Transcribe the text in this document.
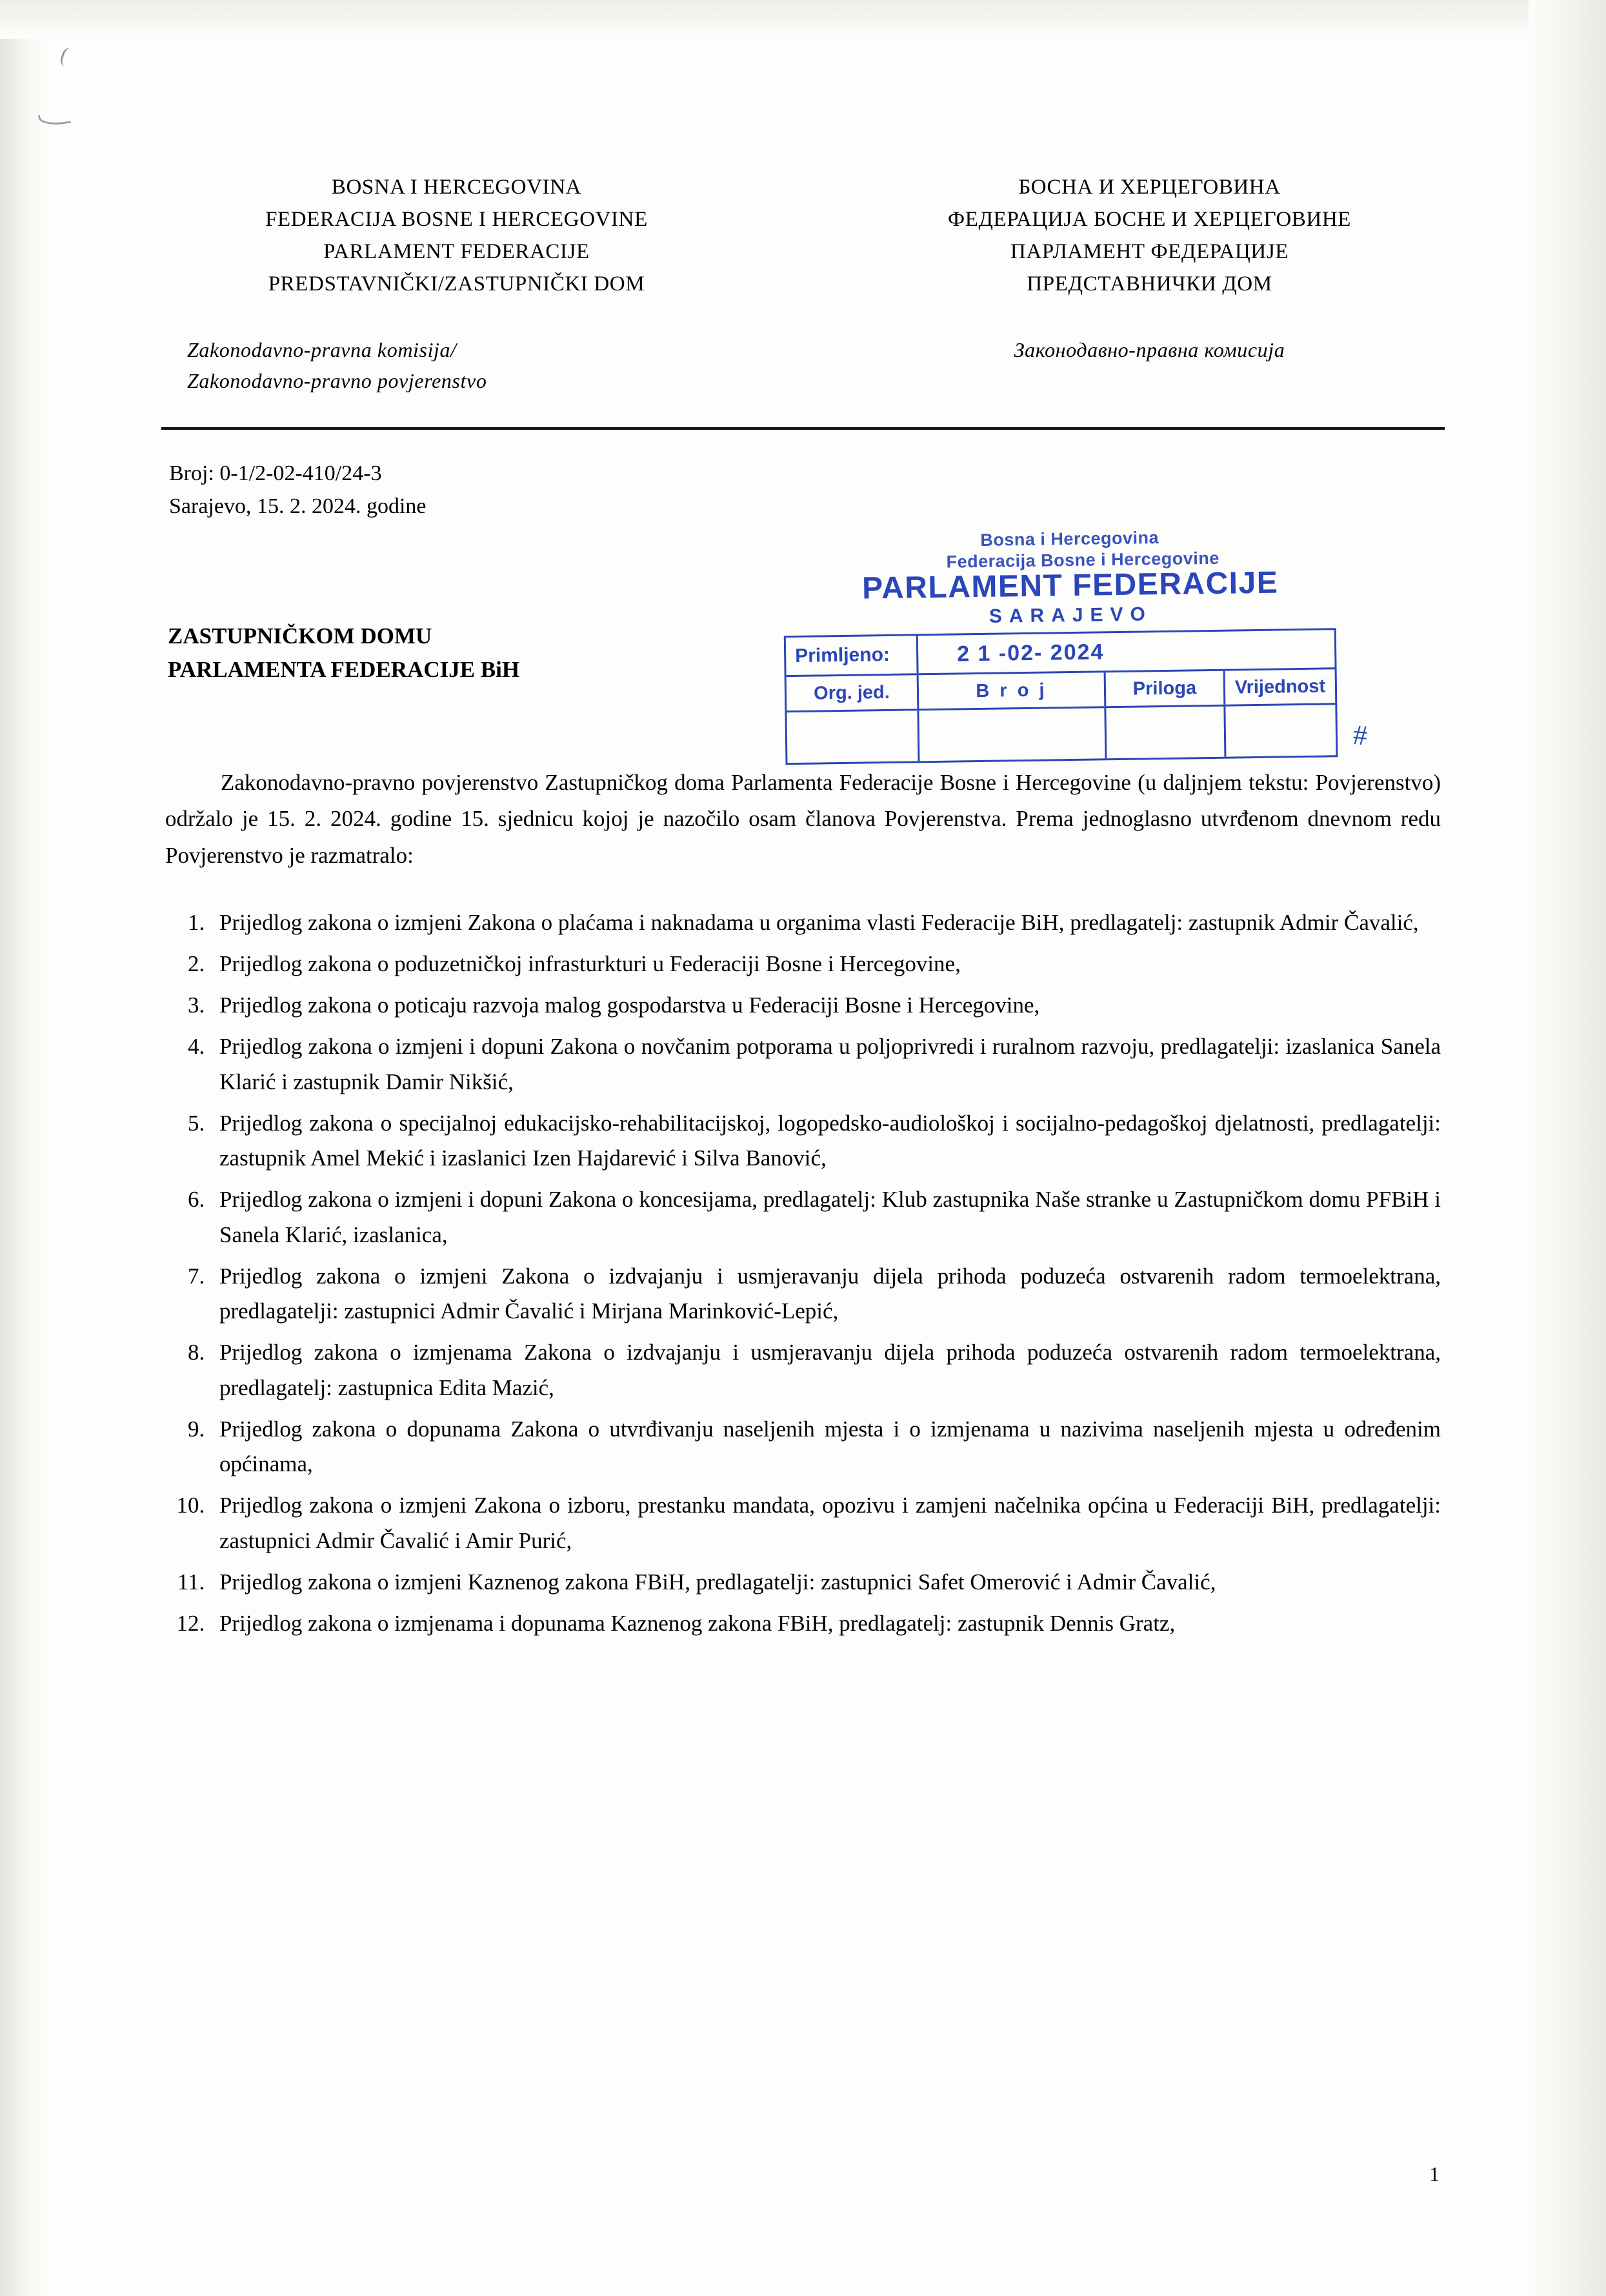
BOSNA I HERCEGOVINA
FEDERACIJA BOSNE I HERCEGOVINE
PARLAMENT FEDERACIJE
PREDSTAVNIČKI/ZASTUPNIČKI DOM
Zakonodavno-pravna komisija/
Zakonodavno-pravno povjerenstvo
БОСНА И ХЕРЦЕГОВИНА
ФЕДЕРАЦИЈА БОСНЕ И ХЕРЦЕГОВИНЕ
ПАРЛАМЕНТ ФЕДЕРАЦИЈЕ
ПРЕДСТАВНИЧКИ ДОМ
Законодавно-правна комисија
Broj: 0-1/2-02-410/24-3
Sarajevo, 15. 2. 2024. godine
ZASTUPNIČKOM DOMU
PARLAMENTA FEDERACIJE BiH

Zakonodavno-pravno povjerenstvo Zastupničkog doma Parlamenta Federacije Bosne i Hercegovine (u daljnjem tekstu: Povjerenstvo) održalo je 15. 2. 2024. godine 15. sjednicu kojoj je nazočilo osam članova Povjerenstva. Prema jednoglasno utvrđenom dnevnom redu Povjerenstvo je razmatralo:

1. Prijedlog zakona o izmjeni Zakona o plaćama i naknadama u organima vlasti Federacije BiH, predlagatelj: zastupnik Admir Čavalić,
2. Prijedlog zakona o poduzetničkoj infrasturkturi u Federaciji Bosne i Hercegovine,
3. Prijedlog zakona o poticaju razvoja malog gospodarstva u Federaciji Bosne i Hercegovine,
4. Prijedlog zakona o izmjeni i dopuni Zakona o novčanim potporama u poljoprivredi i ruralnom razvoju, predlagatelji: izaslanica Sanela Klarić i zastupnik Damir Nikšić,
5. Prijedlog zakona o specijalnoj edukacijsko-rehabilitacijskoj, logopedsko-audiološkoj i socijalno-pedagoškoj djelatnosti, predlagatelji: zastupnik Amel Mekić i izaslanici Izen Hajdarević i Silva Banović,
6. Prijedlog zakona o izmjeni i dopuni Zakona o koncesijama, predlagatelj: Klub zastupnika Naše stranke u Zastupničkom domu PFBiH i Sanela Klarić, izaslanica,
7. Prijedlog zakona o izmjeni Zakona o izdvajanju i usmjeravanju dijela prihoda poduzeća ostvarenih radom termoelektrana, predlagatelji: zastupnici Admir Čavalić i Mirjana Marinković-Lepić,
8. Prijedlog zakona o izmjenama Zakona o izdvajanju i usmjeravanju dijela prihoda poduzeća ostvarenih radom termoelektrana, predlagatelj: zastupnica Edita Mazić,
9. Prijedlog zakona o dopunama Zakona o utvrđivanju naseljenih mjesta i o izmjenama u nazivima naseljenih mjesta u određenim općinama,
10. Prijedlog zakona o izmjeni Zakona o izboru, prestanku mandata, opozivu i zamjeni načelnika općina u Federaciji BiH, predlagatelji: zastupnici Admir Čavalić i Amir Purić,
11. Prijedlog zakona o izmjeni Kaznenog zakona FBiH, predlagatelji: zastupnici Safet Omerović i Admir Čavalić,
12. Prijedlog zakona o izmjenama i dopunama Kaznenog zakona FBiH, predlagatelj: zastupnik Dennis Gratz,
Bosna i Hercegovina
Federacija Bosne i Hercegovine
PARLAMENT FEDERACIJE
SARAJEVO
Primljeno:	2 1 -02- 2024
Org. jed.	B r o j	Priloga	Vrijednost
#
1
